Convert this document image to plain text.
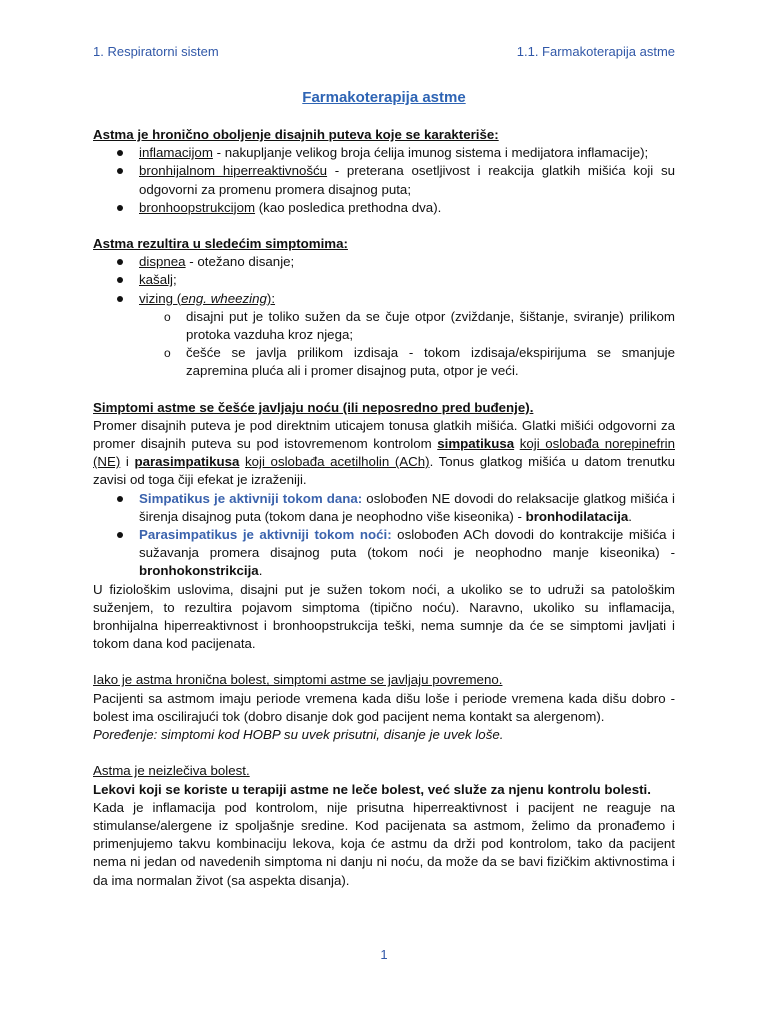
1. Respiratorni sistem	1.1. Farmakoterapija astme
Farmakoterapija astme
Astma je hronično oboljenje disajnih puteva koje se karakteriše:
inflamacijom - nakupljanje velikog broja ćelija imunog sistema i medijatora inflamacije);
bronhijalnom hiperreaktivnošću - preterana osetljivost i reakcija glatkih mišića koji su odgovorni za promenu promera disajnog puta;
bronhoopstrukcijom (kao posledica prethodna dva).
Astma rezultira u sledećim simptomima:
dispnea - otežano disanje;
kašalj;
vizing (eng. wheezing):
o disajni put je toliko sužen da se čuje otpor (zviždanje, šištanje, sviranje) prilikom protoka vazduha kroz njega;
o češće se javlja prilikom izdisaja - tokom izdisaja/ekspirijuma se smanjuje zapremina pluća ali i promer disajnog puta, otpor je veći.
Simptomi astme se češće javljaju noću (ili neposredno pred buđenje).

Promer disajnih puteva je pod direktnim uticajem tonusa glatkih mišića. Glatki mišići odgovorni za promer disajnih puteva su pod istovremenom kontrolom simpatikusa koji oslobađa norepinefrin (NE) i parasimpatikusa koji oslobađa acetilholin (ACh). Tonus glatkog mišića u datom trenutku zavisi od toga čiji efekat je izraženiji.

Simpatikus je aktivniji tokom dana: oslobođen NE dovodi do relaksacije glatkog mišića i širenja disajnog puta (tokom dana je neophodno više kiseonika) - bronhodilatacija.
Parasimpatikus je aktivniji tokom noći: oslobođen ACh dovodi do kontrakcije mišića i sužavanja promera disajnog puta (tokom noći je neophodno manje kiseonika) - bronhokonstrikcija.

U fiziološkim uslovima, disajni put je sužen tokom noći, a ukoliko se to udruži sa patološkim suženjem, to rezultira pojavom simptoma (tipično noću). Naravno, ukoliko su inflamacija, bronhijalna hiperreaktivnost i bronhoopstrukcija teški, nema sumnje da će se simptomi javljati i tokom dana kod pacijenata.

Iako je astma hronična bolest, simptomi astme se javljaju povremeno.

Pacijenti sa astmom imaju periode vremena kada dišu loše i periode vremena kada dišu dobro - bolest ima oscilirajući tok (dobro disanje dok god pacijent nema kontakt sa alergenom).

Poređenje: simptomi kod HOBP su uvek prisutni, disanje je uvek loše.

Astma je neizlečiva bolest.

Lekovi koji se koriste u terapiji astme ne leče bolest, već služe za njenu kontrolu bolesti.

Kada je inflamacija pod kontrolom, nije prisutna hiperreaktivnost i pacijent ne reaguje na stimulanse/alergene iz spoljašnje sredine. Kod pacijenata sa astmom, želimo da pronađemo i primenjujemo takvu kombinaciju lekova, koja će astmu da drži pod kontrolom, tako da pacijent nema ni jedan od navedenih simptoma ni danju ni noću, da može da se bavi fizičkim aktivnostima i da ima normalan život (sa aspekta disanja).

1
